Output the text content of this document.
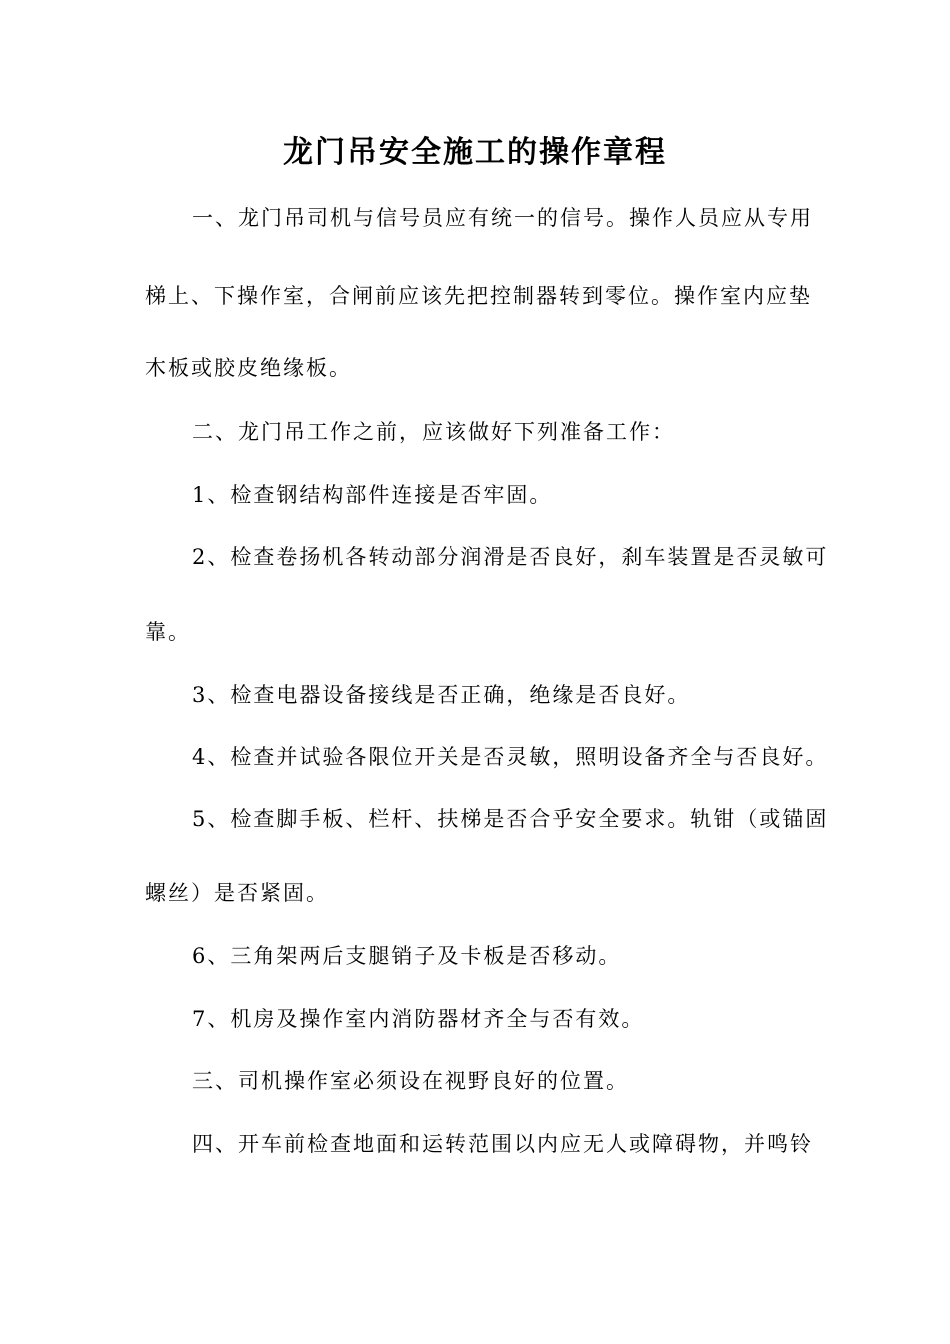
龙门吊安全施工的操作章程
一、龙门吊司机与信号员应有统一的信号。操作人员应从专用
梯上、下操作室，合闸前应该先把控制器转到零位。操作室内应垫
木板或胶皮绝缘板。
二、龙门吊工作之前，应该做好下列准备工作：
1、检查钢结构部件连接是否牢固。
2、检查卷扬机各转动部分润滑是否良好，刹车装置是否灵敏可
靠。
3、检查电器设备接线是否正确，绝缘是否良好。
4、检查并试验各限位开关是否灵敏，照明设备齐全与否良好。
5、检查脚手板、栏杆、扶梯是否合乎安全要求。轨钳（或锚固
螺丝）是否紧固。
6、三角架两后支腿销子及卡板是否移动。
7、机房及操作室内消防器材齐全与否有效。
三、司机操作室必须设在视野良好的位置。
四、开车前检查地面和运转范围以内应无人或障碍物，并鸣铃
